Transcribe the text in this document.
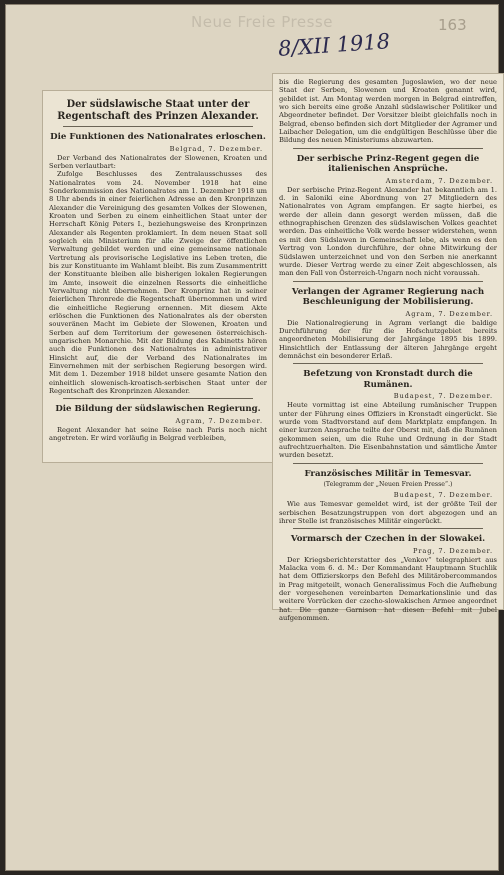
Neue Freie Presse	163
8/XII 1918
Der südslawische Staat unter der Regentschaft des Prinzen Alexander.
Die Funktionen des Nationalrates erloschen.
Belgrad, 7. Dezember.

Der Verband des Nationalrates der Slowenen, Kroaten und Serben verlautbart:

Zufolge Beschlusses des Zentralausschusses des Nationalrates vom 24. November 1918 hat eine Sonderkommission des Nationalrates am 1. Dezember 1918 um 8 Uhr abends in einer feierlichen Adresse an den Kronprinzen Alexander die Vereinigung des gesamten Volkes der Slowenen, Kroaten und Serben zu einem einheitlichen Staat unter der Herrschaft König Peters I., beziehungsweise des Kronprinzen Alexander als Regenten proklamiert. In dem neuen Staat soll sogleich ein Ministerium für alle Zweige der öffentlichen Verwaltung gebildet werden und eine gemeinsame nationale Vertretung als provisorische Legislative ins Leben treten, die bis zur Konstituante im Wahlamt bleibt. Bis zum Zusammentritt der Konstituante bleiben alle bisherigen lokalen Regierungen im Amte, insoweit die einzelnen Ressorts die einheitliche Verwaltung nicht übernehmen. Der Kronprinz hat in seiner feierlichen Thronrede die Regentschaft übernommen und wird die einheitliche Regierung ernennen. Mit diesem Akte erlöschen die Funktionen des Nationalrates als der obersten souveränen Macht im Gebiete der Slowenen, Kroaten und Serben auf dem Territorium der gewesenen österreichisch-ungarischen Monarchie. Mit der Bildung des Kabinetts hören auch die Funktionen des Nationalrates in administrativer Hinsicht auf, die der Verband des Nationalrates im Einvernehmen mit der serbischen Regierung besorgen wird. Mit dem 1. Dezember 1918 bildet unsere gesamte Nation den einheitlich slowenisch-kroatisch-serbischen Staat unter der Regentschaft des Kronprinzen Alexander.

Die Bildung der südslawischen Regierung.
Agram, 7. Dezember.

Regent Alexander hat seine Reise nach Paris noch nicht angetreten. Er wird vorläufig in Belgrad verbleiben,

bis die Regierung des gesamten Jugoslawien, wo der neue Staat der Serben, Slowenen und Kroaten genannt wird, gebildet ist. Am Montag werden morgen in Belgrad eintreffen, wo sich bereits eine große Anzahl südslawischer Politiker und Abgeordneter befindet. Der Vorsitzer bleibt gleichfalls noch in Belgrad, ebenso befinden sich dort Mitglieder der Agramer und Laibacher Delegation, um die endgültigen Beschlüsse über die Bildung des neuen Ministeriums abzuwarten.

Der serbische Prinz-Regent gegen die italienischen Ansprüche.
Amsterdam, 7. Dezember.

Der serbische Prinz-Regent Alexander hat bekanntlich am 1. d. in Saloniki eine Abordnung von 27 Mitgliedern des Nationalrates von Agram empfangen. Er sagte hierbei, es werde der allein dann gesorgt werden müssen, daß die ethnographischen Grenzen des südslawischen Volkes geachtet werden. Das einheitliche Volk werde besser widerstehen, wenn es mit den Südslawen in Gemeinschaft lebe, als wenn es den Vertrag von London durchführe, der ohne Mitwirkung der Südslawen unterzeichnet und von den Serben nie anerkannt wurde. Dieser Vertrag werde zu einer Zeit abgeschlossen, als man den Fall von Österreich-Ungarn noch nicht voraussah.

Verlangen der Agramer Regierung nach Beschleunigung der Mobilisierung.
Agram, 7. Dezember.

Die Nationalregierung in Agram verlangt die baldige Durchführung der für die Hofschutzgebiet bereits angeordneten Mobilisierung der Jahrgänge 1895 bis 1899. Hinsichtlich der Entlassung der älteren Jahrgänge ergeht demnächst ein besonderer Erlaß.

Befetzung von Kronstadt durch die Rumänen.
Budapest, 7. Dezember.

Heute vormittag ist eine Abteilung rumänischer Truppen unter der Führung eines Offiziers in Kronstadt eingerückt. Sie wurde vom Stadtvorstand auf dem Marktplatz empfangen. In einer kurzen Ansprache teilte der Oberst mit, daß die Rumänen gekommen seien, um die Ruhe und Ordnung in der Stadt aufrechtzuerhalten. Die Eisenbahnstation und sämtliche Ämter wurden besetzt.

Französisches Militär in Temesvar.
(Telegramm der „Neuen Freien Presse“.)
Budapest, 7. Dezember.

Wie aus Temesvar gemeldet wird, ist der größte Teil der serbischen Besatzungstruppen von dort abgezogen und an ihrer Stelle ist französisches Militär eingerückt.

Vormarsch der Czechen in der Slowakei.
Prag, 7. Dezember.

Der Kriegsberichterstatter des „Venkov“ telegraphiert aus Malacka vom 6. d. M.: Der Kommandant Hauptmann Stuchlik hat dem Offizierskorps den Befehl des Militärobercommandos in Prag mitgeteilt, wonach Generalissimus Foch die Aufhebung der vorgesehenen vereinbarten Demarkationslinie und das weitere Vorrücken der czecho-slowakischen Armee angeordnet hat. Die ganze Garnison hat diesen Befehl mit Jubel aufgenommen.
